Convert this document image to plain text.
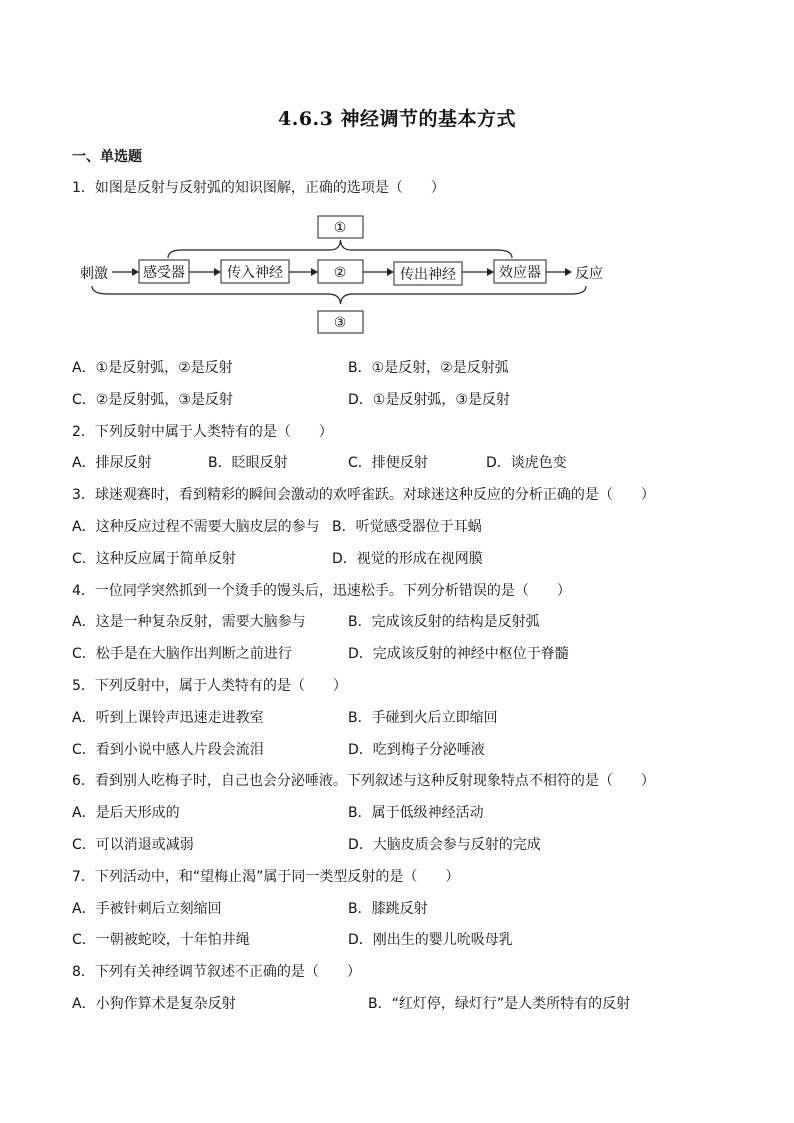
4.6.3 神经调节的基本方式
一、单选题
1．如图是反射与反射弧的知识图解，正确的选项是（　　）
①
刺激	感受器	传入神经	②	传出神经	效应器 反应
③
A．①是反射弧，②是反射	B．①是反射，②是反射弧
C．②是反射弧，③是反射	D．①是反射弧，③是反射
2．下列反射中属于人类特有的是（　　）
A．排尿反射	B．眨眼反射	C．排便反射	D．谈虎色变
3．球迷观赛时，看到精彩的瞬间会激动的欢呼雀跃。对球迷这种反应的分析正确的是（　　）
A．这种反应过程不需要大脑皮层的参与 B．听觉感受器位于耳蜗
C．这种反应属于简单反射	D．视觉的形成在视网膜
4．一位同学突然抓到一个烫手的馒头后，迅速松手。下列分析错误的是（　　）
A．这是一种复杂反射，需要大脑参与	B．完成该反射的结构是反射弧
C．松手是在大脑作出判断之前进行	D．完成该反射的神经中枢位于脊髓
5．下列反射中，属于人类特有的是（　　）
A．听到上课铃声迅速走进教室	B．手碰到火后立即缩回
C．看到小说中感人片段会流泪	D．吃到梅子分泌唾液
6．看到别人吃梅子时，自己也会分泌唾液。下列叙述与这种反射现象特点不相符的是（　　）
A．是后天形成的	B．属于低级神经活动
C．可以消退或减弱	D．大脑皮质会参与反射的完成
7．下列活动中，和“望梅止渴”属于同一类型反射的是（　　）
A．手被针刺后立刻缩回	B．膝跳反射
C．一朝被蛇咬，十年怕井绳	D．刚出生的婴儿吮吸母乳
8．下列有关神经调节叙述不正确的是（　　）
A．小狗作算术是复杂反射	B．“红灯停，绿灯行”是人类所特有的反射
